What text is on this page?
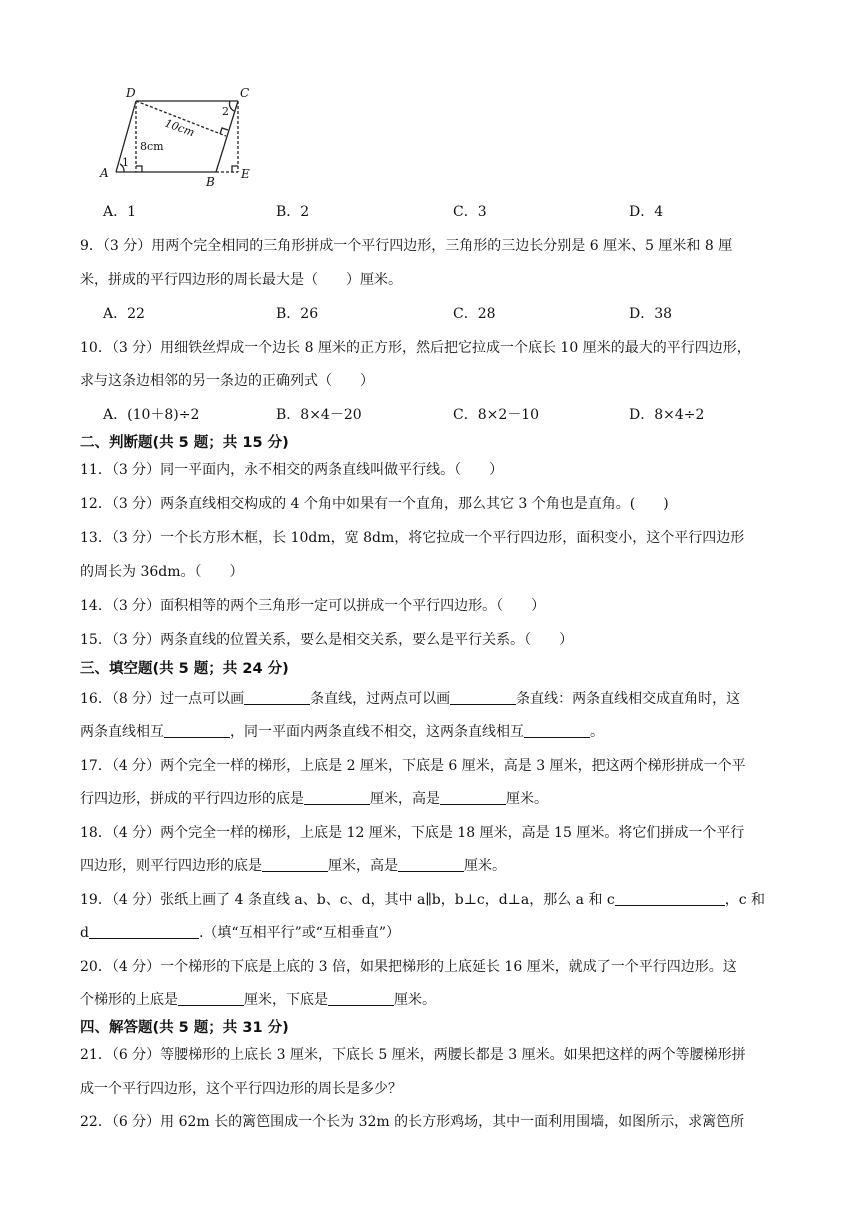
D	C
A
B
E
1
2
10cm
8cm
A．1	B．2	C．3	D．4
9．（3 分）用两个完全相同的三角形拼成一个平行四边形，三角形的三边长分别是 6 厘米、5 厘米和 8 厘
米，拼成的平行四边形的周长最大是（　　）厘米。
A．22	B．26	C．28	D．38
10．（3 分）用细铁丝焊成一个边长 8 厘米的正方形，然后把它拉成一个底长 10 厘米的最大的平行四边形，
求与这条边相邻的另一条边的正确列式（　　）
A．(10＋8)÷2	B．8×4－20	C．8×2－10	D．8×4÷2
二、判断题(共 5 题；共 15 分)
11．（3 分）同一平面内，永不相交的两条直线叫做平行线。（　　）
12．（3 分）两条直线相交构成的 4 个角中如果有一个直角，那么其它 3 个角也是直角。(　　)
13．（3 分）一个长方形木框，长 10dm，宽 8dm，将它拉成一个平行四边形，面积变小，这个平行四边形
的周长为 36dm。（　　）
14．（3 分）面积相等的两个三角形一定可以拼成一个平行四边形。（　　）
15．（3 分）两条直线的位置关系，要么是相交关系，要么是平行关系。（　　）
三、填空题(共 5 题；共 24 分)
16．（8 分）过一点可以画	条直线，过两点可以画	条直线：两条直线相交成直角时，这
两条直线相互	，同一平面内两条直线不相交，这两条直线相互	。
17．（4 分）两个完全一样的梯形，上底是 2 厘米，下底是 6 厘米，高是 3 厘米，把这两个梯形拼成一个平
行四边形，拼成的平行四边形的底是	厘米，高是	厘米。
18．（4 分）两个完全一样的梯形，上底是 12 厘米，下底是 18 厘米，高是 15 厘米。将它们拼成一个平行
四边形，则平行四边形的底是	厘米，高是	厘米。
19．（4 分）张纸上画了 4 条直线 a、b、c、d，其中 a∥b，b⊥c，d⊥a，那么 a 和 c	，c 和
d	.（填“互相平行”或“互相垂直”）
20．（4 分）一个梯形的下底是上底的 3 倍，如果把梯形的上底延长 16 厘米，就成了一个平行四边形。这
个梯形的上底是	厘米，下底是	厘米。
四、解答题(共 5 题；共 31 分)
21．（6 分）等腰梯形的上底长 3 厘米，下底长 5 厘米，两腰长都是 3 厘米。如果把这样的两个等腰梯形拼
成一个平行四边形，这个平行四边形的周长是多少？
22．（6 分）用 62m 长的篱笆围成一个长为 32m 的长方形鸡场，其中一面利用围墙，如图所示，求篱笆所
